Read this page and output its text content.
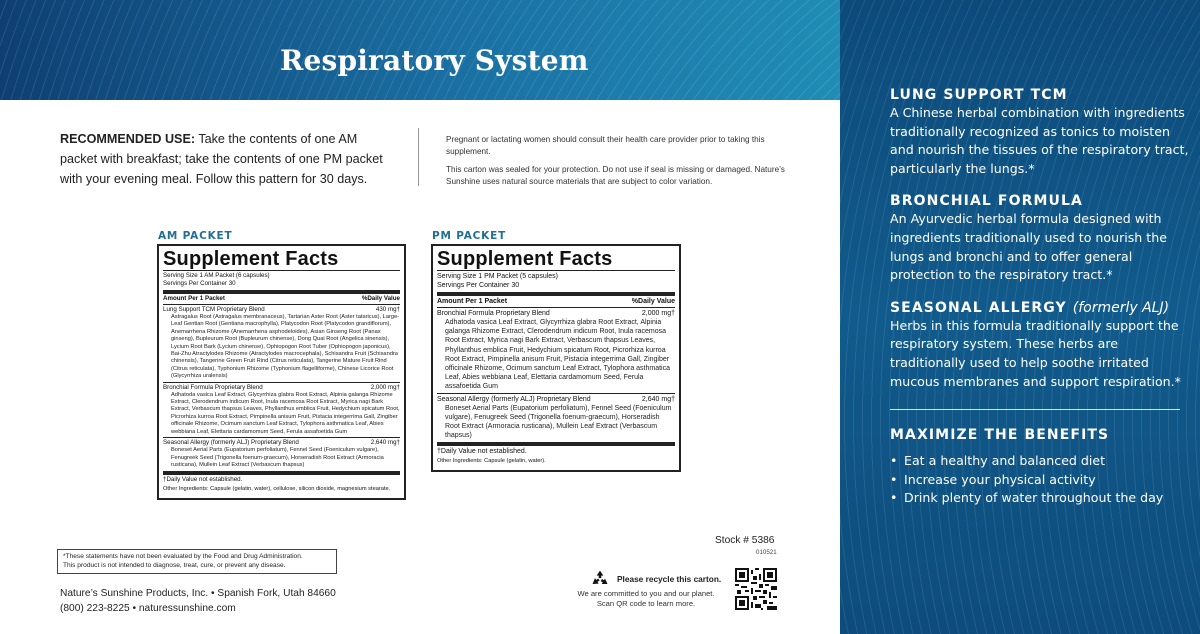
Respiratory System
RECOMMENDED USE: Take the contents of one AM packet with breakfast; take the contents of one PM packet with your evening meal. Follow this pattern for 30 days.

Pregnant or lactating women should consult their health care provider prior to taking this supplement.

This carton was sealed for your protection. Do not use if seal is missing or damaged. Nature’s Sunshine uses natural source materials that are subject to color variation.

AM PACKET
Supplement Facts
Serving Size 1 AM Packet (6 capsules)
Servings Per Container 30
Amount Per 1 Packet	%Daily Value
Lung Support TCM Proprietary Blend	430 mg†
Astragalus Root (Astragalus membranaceus), Tartarian Aster Root (Aster tataricus), Large-Leaf Gentian Root (Gentiana macrophylla), Platycodon Root (Platycodon grandiflorum), Anemarrhena Rhizome (Anemarrhena asphodeloides), Asian Ginseng Root (Panax ginseng), Bupleurum Root (Bupleurum chinense), Dong Quai Root (Angelica sinensis), Lycium Root Bark (Lycium chinense), Ophiopogon Root Tuber (Ophiopogon japonicus), Bai-Zhu Atractylodes Rhizome (Atractylodes macrocephala), Schisandra Fruit (Schisandra chinensis), Tangerine Green Fruit Rind (Citrus reticulata), Tangerine Mature Fruit Rind (Citrus reticulata), Typhonium Rhizome (Typhonium flagelliforme), Chinese Licorice Root (Glycyrrhiza uralensis)
Bronchial Formula Proprietary Blend	2,000 mg†
Adhatoda vasica Leaf Extract, Glycyrrhiza glabra Root Extract, Alpinia galanga Rhizome Extract, Clerodendrum indicum Root, Inula racemosa Root Extract, Myrica nagi Bark Extract, Verbascum thapsus Leaves, Phyllanthus emblica Fruit, Hedychium spicatum Root, Picrorhiza kurroa Root Extract, Pimpinella anisum Fruit, Pistacia integerrima Gall, Zingiber officinale Rhizome, Ocimum sanctum Leaf Extract, Tylophora asthmatica Leaf, Abies webbiana Leaf, Elettaria cardamomum Seed, Ferula assafoetida Gum
Seasonal Allergy (formerly ALJ) Proprietary Blend	2,640 mg†
Boneset Aerial Parts (Eupatorium perfoliatum), Fennel Seed (Foeniculum vulgare), Fenugreek Seed (Trigonella foenum-graecum), Horseradish Root Extract (Armoracia rusticana), Mullein Leaf Extract (Verbascum thapsus)
†Daily Value not established.
Other Ingredients: Capsule (gelatin, water), cellulose, silicon dioxide, magnesium stearate.
PM PACKET
Supplement Facts
Serving Size 1 PM Packet (5 capsules)
Servings Per Container 30
Amount Per 1 Packet	%Daily Value
Bronchial Formula Proprietary Blend	2,000 mg†
Adhatoda vasica Leaf Extract, Glycyrrhiza glabra Root Extract, Alpinia galanga Rhizome Extract, Clerodendrum indicum Root, Inula racemosa Root Extract, Myrica nagi Bark Extract, Verbascum thapsus Leaves, Phyllanthus emblica Fruit, Hedychium spicatum Root, Picrorhiza kurroa Root Extract, Pimpinella anisum Fruit, Pistacia integerrima Gall, Zingiber officinale Rhizome, Ocimum sanctum Leaf Extract, Tylophora asthmatica Leaf, Abies webbiana Leaf, Elettaria cardamomum Seed, Ferula assafoetida Gum
Seasonal Allergy (formerly ALJ) Proprietary Blend	2,640 mg†
Boneset Aerial Parts (Eupatorium perfoliatum), Fennel Seed (Foeniculum vulgare), Fenugreek Seed (Trigonella foenum-graecum), Horseradish Root Extract (Armoracia rusticana), Mullein Leaf Extract (Verbascum thapsus)
†Daily Value not established.
Other Ingredients: Capsule (gelatin, water).
*These statements have not been evaluated by the Food and Drug Administration.
This product is not intended to diagnose, treat, cure, or prevent any disease.
Nature’s Sunshine Products, Inc. • Spanish Fork, Utah 84660
(800) 223-8225 • naturessunshine.com
Stock # 5386
010521
Please recycle this carton.
We are committed to you and our planet.
Scan QR code to learn more.
LUNG SUPPORT TCM
A Chinese herbal combination with ingredients traditionally recognized as tonics to moisten and nourish the tissues of the respiratory tract, particularly the lungs.*
BRONCHIAL FORMULA
An Ayurvedic herbal formula designed with ingredients traditionally used to nourish the lungs and bronchi and to offer general protection to the respiratory tract.*
SEASONAL ALLERGY (formerly ALJ)
Herbs in this formula traditionally support the respiratory system. These herbs are traditionally used to help soothe irritated mucous membranes and support respiration.*
MAXIMIZE THE BENEFITS
• Eat a healthy and balanced diet
• Increase your physical activity
• Drink plenty of water throughout the day
